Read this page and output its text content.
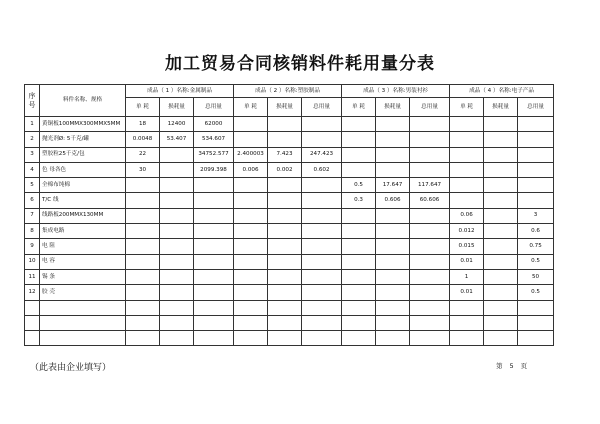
加工贸易合同核销料件耗用量分表
序号	料件名称、规格	成品（ 1 ）名称:金属制品			成品（ 2 ）名称:塑胶制品			成品（ 3 ）名称:男装衬衫			成品（ 4 ）名称:电子产品		
		单 耗	损耗量	总用量	单 耗	损耗量	总用量	单 耗	损耗量	总用量	单 耗	损耗量	总用量
1	黄铜板100MMX300MMX5MM	18	12400	62000									
2	抛光剂Ø: 5千克/罐	0.0048	53.407	534.607									
3	塑胶粒25千克/包	22		34752.577	2.400003	7.423	247.423						
4	色 母各色	30		2099.398	0.006	0.002	0.602						
5	全棉布纯棉							0.5	17.647	117.647			
6	T/C 线							0.3	0.606	60.606			
7	线路板200MMX130MM										0.06		3
8	集成电路										0.012		0.6
9	电 阻										0.015		0.75
10	电 容										0.01		0.5
11	锡 条										1		50
12	胶 壳										0.01		0.5

（此表由企业填写）	第 5 页
